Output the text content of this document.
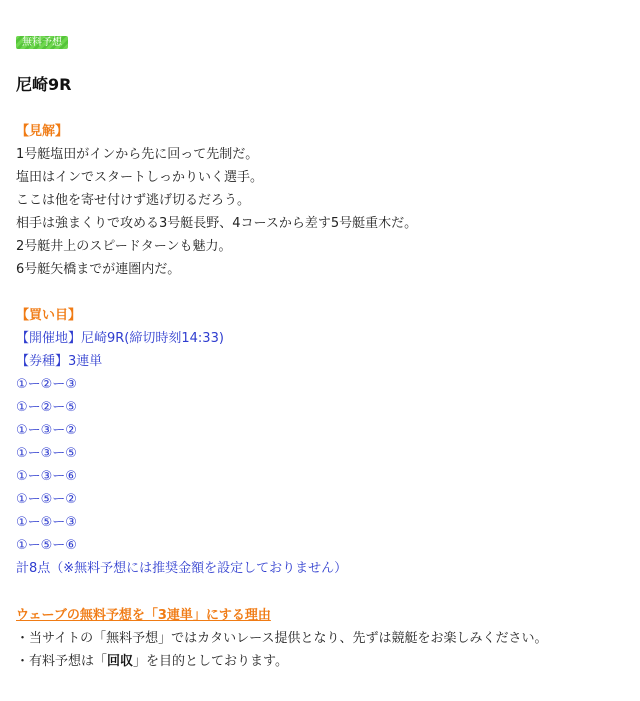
無料予想
尼崎9R
【見解】
1号艇塩田がインから先に回って先制だ。
塩田はインでスタートしっかりいく選手。
ここは他を寄せ付けず逃げ切るだろう。
相手は強まくりで攻める3号艇長野、4コースから差す5号艇重木だ。
2号艇井上のスピードターンも魅力。
6号艇矢橋までが連圏内だ。
【買い目】
【開催地】尼崎9R(締切時刻14:33)
【券種】3連単
①ー②ー③
①ー②ー⑤
①ー③ー②
①ー③ー⑤
①ー③ー⑥
①ー⑤ー②
①ー⑤ー③
①ー⑤ー⑥
計8点（※無料予想には推奨金額を設定しておりません）
ウェーブの無料予想を「3連単」にする理由
・当サイトの「無料予想」ではカタいレース提供となり、先ずは競艇をお楽しみください。
・有料予想は「回収」を目的としております。
